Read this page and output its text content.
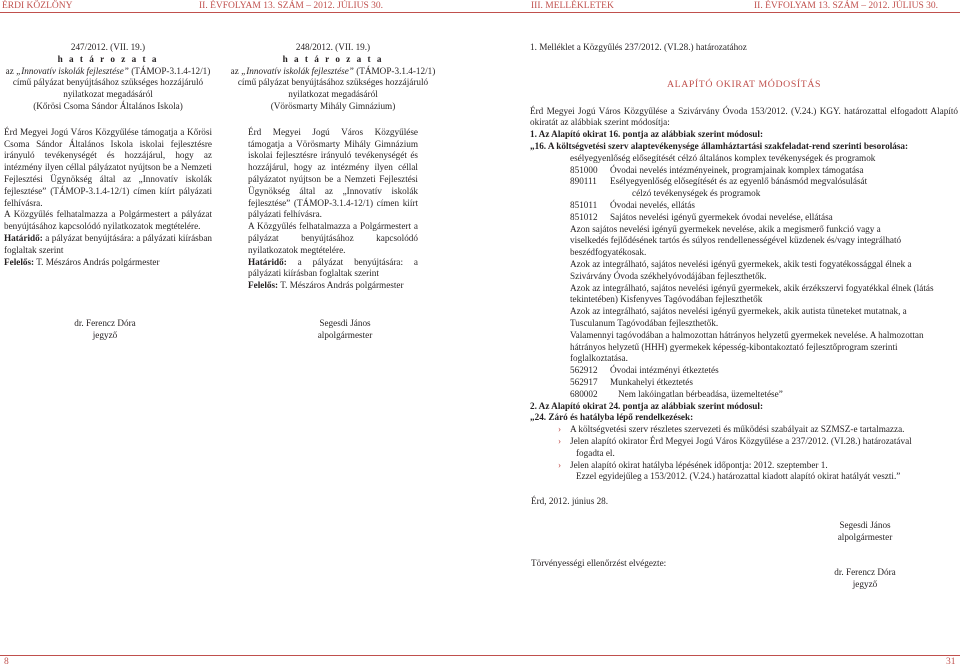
ÉRDI KÖZLÖNY	II. ÉVFOLYAM 13. SZÁM – 2012. JÚLIUS 30.	III. MELLÉKLETEK	II. ÉVFOLYAM 13. SZÁM – 2012. JÚLIUS 30.
247/2012. (VII. 19.)
h a t á r o z a t a
az „Innovatív iskolák fejlesztése” (TÁMOP-3.1.4-12/1)
című pályázat benyújtásához szükséges hozzájáruló
nyilatkozat megadásáról
(Kőrösi Csoma Sándor Általános Iskola)
Érd Megyei Jogú Város Közgyűlése támogatja a Kőrösi Csoma Sándor Általános Iskola iskolai fejlesztésre irányuló tevékenységét és hozzájárul, hogy az intézmény ilyen céllal pályázatot nyújtson be a Nemzeti Fejlesztési Ügynökség által az „Innovatív iskolák fejlesztése” (TÁMOP-3.1.4-12/1) címen kiírt pályázati felhívásra.
A Közgyűlés felhatalmazza a Polgármestert a pályázat benyújtásához kapcsolódó nyilatkozatok megtételére.
Határidő: a pályázat benyújtására: a pályázati kiírásban foglaltak szerint
Felelős: T. Mészáros András polgármester
dr. Ferencz Dóra
jegyző
248/2012. (VII. 19.)
h a t á r o z a t a
az „Innovatív iskolák fejlesztése” (TÁMOP-3.1.4-12/1)
című pályázat benyújtásához szükséges hozzájáruló
nyilatkozat megadásáról
(Vörösmarty Mihály Gimnázium)
Érd Megyei Jogú Város Közgyűlése támogatja a Vörösmarty Mihály Gimnázium iskolai fejlesztésre irányuló tevékenységét és hozzájárul, hogy az intézmény ilyen céllal pályázatot nyújtson be a Nemzeti Fejlesztési Ügynökség által az „Innovatív iskolák fejlesztése” (TÁMOP-3.1.4-12/1) címen kiírt pályázati felhívásra.
A Közgyűlés felhatalmazza a Polgármestert a pályázat benyújtásához kapcsolódó nyilatkozatok megtételére.
Határidő: a pályázat benyújtására: a pályázati kiírásban foglaltak szerint
Felelős: T. Mészáros András polgármester
Segesdi János
alpolgármester
1. Melléklet a Közgyűlés 237/2012. (VI.28.) határozatához
ALAPÍTÓ OKIRAT MÓDOSÍTÁS
Érd Megyei Jogú Város Közgyűlése a Szivárvány Óvoda 153/2012. (V.24.) KGY. határozattal elfogadott Alapító okiratát az alábbiak szerint módosítja:
1. Az Alapító okirat 16. pontja az alábbiak szerint módosul:
„16. A költségvetési szerv alaptevékenysége államháztartási szakfeladat-rend szerinti besorolása:
esélyegyenlőség elősegítését célzó általános komplex tevékenységek és programok
851000 Óvodai nevelés intézményeinek, programjainak komplex támogatása
890111 Esélyegyenlőség elősegítését és az egyenlő bánásmód megvalósulását
célzó tevékenységek és programok
851011 Óvodai nevelés, ellátás
851012 Sajátos nevelési igényű gyermekek óvodai nevelése, ellátása
Azon sajátos nevelési igényű gyermekek nevelése, akik a megismerő funkció vagy a
viselkedés fejlődésének tartós és súlyos rendellenességével küzdenek és/vagy integrálható
beszédfogyatékosak.
Azok az integrálható, sajátos nevelési igényű gyermekek, akik testi fogyatékossággal élnek a
Szivárvány Óvoda székhelyóvodájában fejleszthetők.
Azok az integrálható, sajátos nevelési igényű gyermekek, akik érzékszervi fogyatékkal élnek (látás
tekintetében) Kisfenyves Tagóvodában fejleszthetők
Azok az integrálható, sajátos nevelési igényű gyermekek, akik autista tüneteket mutatnak, a
Tusculanum Tagóvodában fejleszthetők.
Valamennyi tagóvodában a halmozottan hátrányos helyzetű gyermekek nevelése. A halmozottan
hátrányos helyzetű (HHH) gyermekek képesség-kibontakoztató fejlesztőprogram szerinti
foglalkoztatása.
562912 Óvodai intézményi étkeztetés
562917 Munkahelyi étkeztetés
680002 Nem lakóingatlan bérbeadása, üzemeltetése”
2. Az Alapító okirat 24. pontja az alábbiak szerint módosul:
„24. Záró és hatályba lépő rendelkezések:
› A költségvetési szerv részletes szervezeti és működési szabályait az SZMSZ-e tartalmazza.
› Jelen alapító okirator Érd Megyei Jogú Város Közgyűlése a 237/2012. (VI.28.) határozatával
fogadta el.
› Jelen alapító okirat hatályba lépésének időpontja: 2012. szeptember 1.
Ezzel egyidejűleg a 153/2012. (V.24.) határozattal kiadott alapító okirat hatályát veszti.”
Érd, 2012. június 28.
Segesdi János
alpolgármester
Törvényességi ellenőrzést elvégezte:
dr. Ferencz Dóra
jegyző
8	31
